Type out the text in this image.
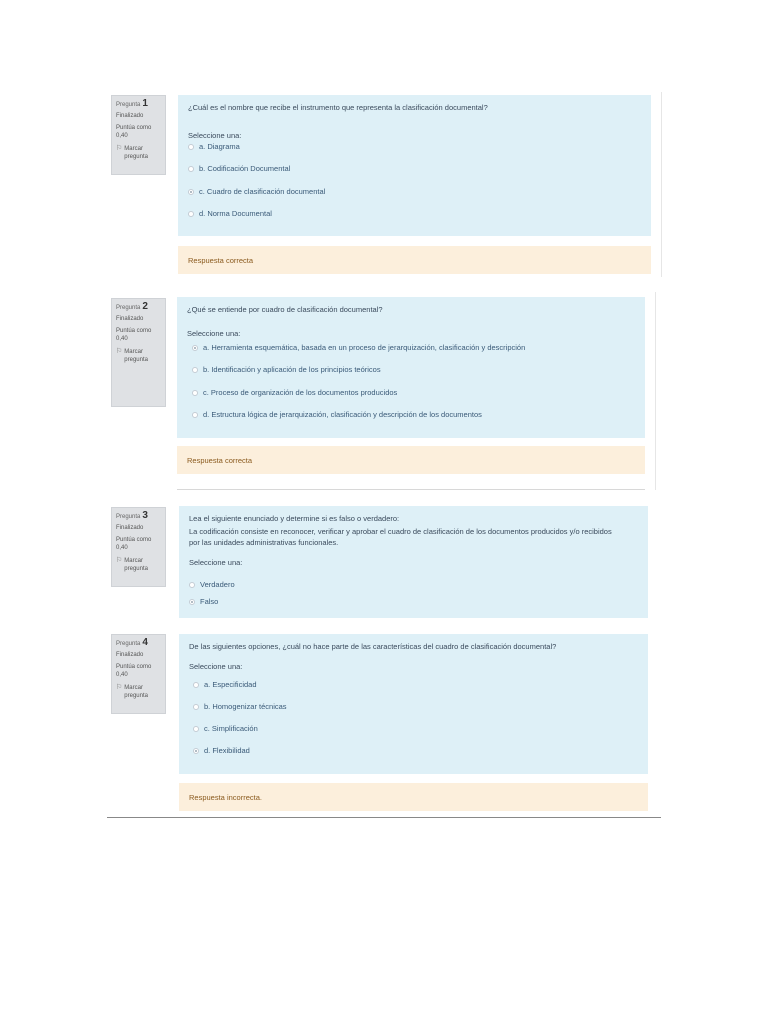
Pregunta 1
Finalizado
Puntúa como
0,40
⚐ Marcar
pregunta
¿Cuál es el nombre que recibe el instrumento que representa la clasificación documental?
Seleccione una:
a. Diagrama
b. Codificación Documental
c. Cuadro de clasificación documental
d. Norma Documental
Respuesta correcta
Pregunta 2
Finalizado
Puntúa como
0,40
⚐ Marcar
pregunta
¿Qué se entiende por cuadro de clasificación documental?
Seleccione una:
a. Herramienta esquemática, basada en un proceso de jerarquización, clasificación y descripción
b. Identificación y aplicación de los principios teóricos
c. Proceso de organización de los documentos producidos
d. Estructura lógica de jerarquización, clasificación y descripción de los documentos
Respuesta correcta
Pregunta 3
Finalizado
Puntúa como
0,40
⚐ Marcar
pregunta
Lea el siguiente enunciado y determine si es falso o verdadero:
La codificación consiste en reconocer, verificar y aprobar el cuadro de clasificación de los documentos producidos y/o recibidos
por las unidades administrativas funcionales.
Seleccione una:
Verdadero
Falso
Pregunta 4
Finalizado
Puntúa como
0,40
⚐ Marcar
pregunta
De las siguientes opciones, ¿cuál no hace parte de las características del cuadro de clasificación documental?
Seleccione una:
a. Especificidad
b. Homogenizar técnicas
c. Simplificación
d. Flexibilidad
Respuesta incorrecta.
